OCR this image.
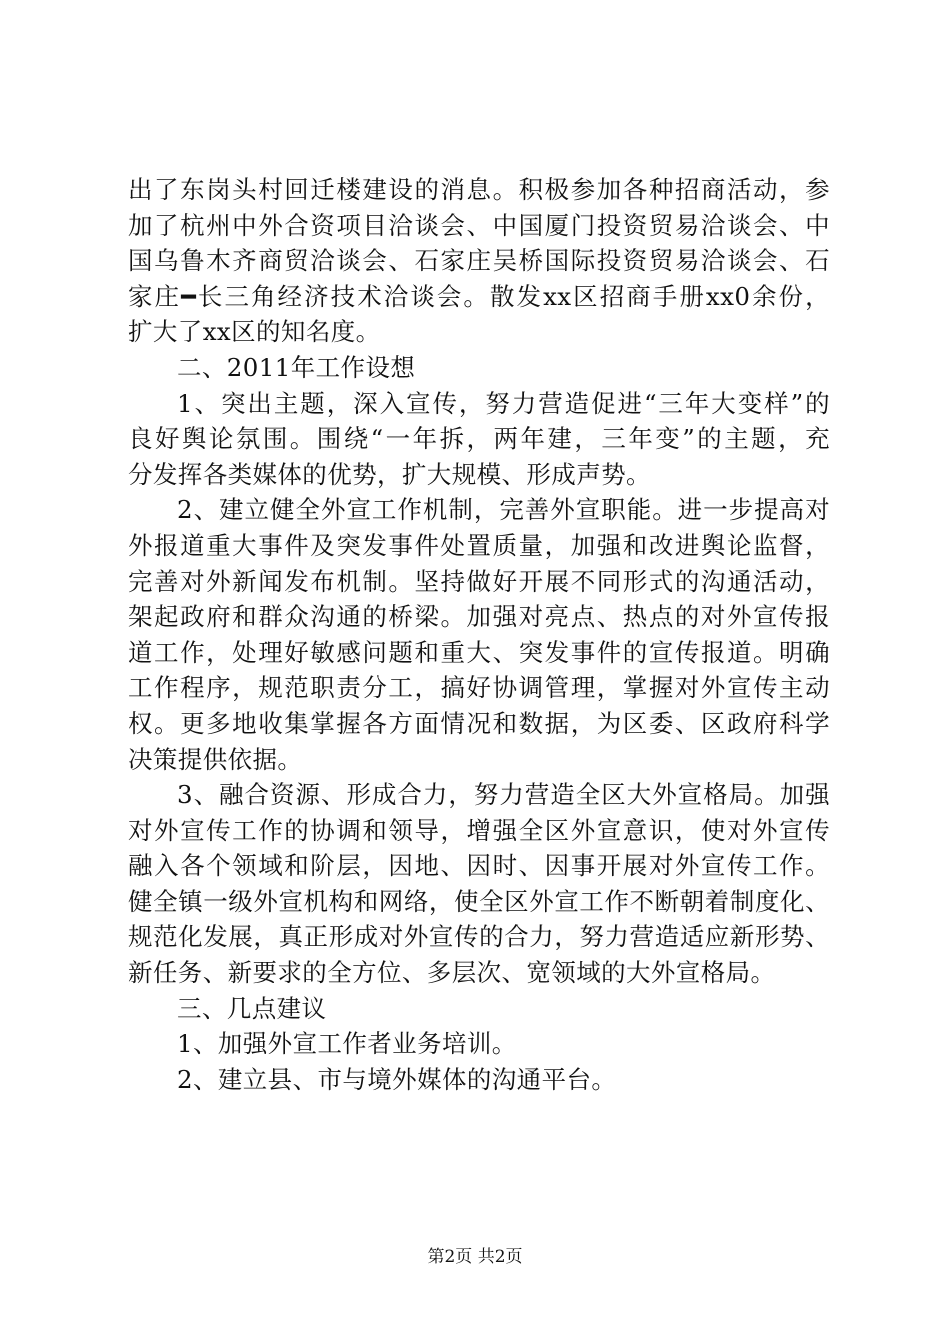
出了东岗头村回迁楼建设的消息。积极参加各种招商活动，参
加了杭州中外合资项目洽谈会、中国厦门投资贸易洽谈会、中
国乌鲁木齐商贸洽谈会、石家庄吴桥国际投资贸易洽谈会、石
家庄━长三角经济技术洽谈会。散发xx区招商手册xx0余份，
扩大了xx区的知名度。

二、2011年工作设想

1、突出主题，深入宣传，努力营造促进“三年大变样”的
良好舆论氛围。围绕“一年拆，两年建，三年变”的主题，充
分发挥各类媒体的优势，扩大规模、形成声势。

2、建立健全外宣工作机制，完善外宣职能。进一步提高对
外报道重大事件及突发事件处置质量，加强和改进舆论监督，
完善对外新闻发布机制。坚持做好开展不同形式的沟通活动，
架起政府和群众沟通的桥梁。加强对亮点、热点的对外宣传报
道工作，处理好敏感问题和重大、突发事件的宣传报道。明确
工作程序，规范职责分工，搞好协调管理，掌握对外宣传主动
权。更多地收集掌握各方面情况和数据，为区委、区政府科学
决策提供依据。

3、融合资源、形成合力，努力营造全区大外宣格局。加强
对外宣传工作的协调和领导，增强全区外宣意识，使对外宣传
融入各个领域和阶层，因地、因时、因事开展对外宣传工作。
健全镇一级外宣机构和网络，使全区外宣工作不断朝着制度化、
规范化发展，真正形成对外宣传的合力，努力营造适应新形势、
新任务、新要求的全方位、多层次、宽领域的大外宣格局。

三、几点建议

1、加强外宣工作者业务培训。

2、建立县、市与境外媒体的沟通平台。

第2页 共2页
